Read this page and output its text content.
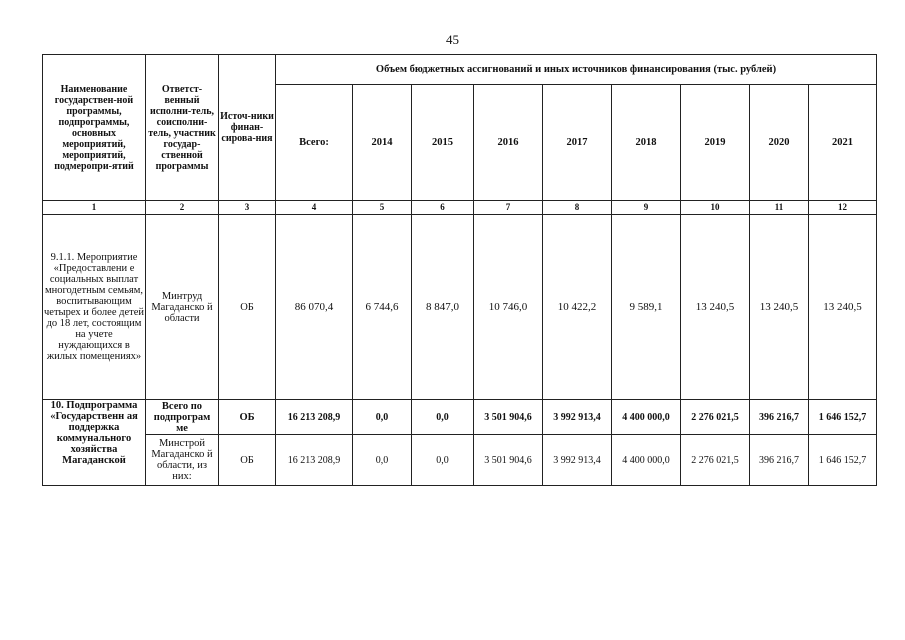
45
Наименование государствен-ной программы, подпрограммы, основных мероприятий, мероприятий, подмеропри-ятий	Ответст-венный исполни-тель, соисполни-тель, участник государ-ственной программы	Источ-ники финан-сирова-ния	Объем бюджетных ассигнований и иных источников финансирования (тыс. рублей)								
			Всего:	2014	2015	2016	2017	2018	2019	2020	2021
1	2	3	4	5	6	7	8	9	10	11	12
9.1.1. Мероприятие «Предоставлени е социальных выплат многодетным семьям, воспитывающим четырех и более детей до 18 лет, состоящим на учете нуждающихся в жилых помещениях»	Минтруд Магаданско й области	ОБ	86 070,4	6 744,6	8 847,0	10 746,0	10 422,2	9 589,1	13 240,5	13 240,5	13 240,5
10. Подпрограмма «Государственн ая поддержка коммунального хозяйства Магаданской	Всего по подпрограм ме	ОБ	16 213 208,9	0,0	0,0	3 501 904,6	3 992 913,4	4 400 000,0	2 276 021,5	396 216,7	1 646 152,7
	Минстрой Магаданско й области, из них:	ОБ	16 213 208,9	0,0	0,0	3 501 904,6	3 992 913,4	4 400 000,0	2 276 021,5	396 216,7	1 646 152,7
